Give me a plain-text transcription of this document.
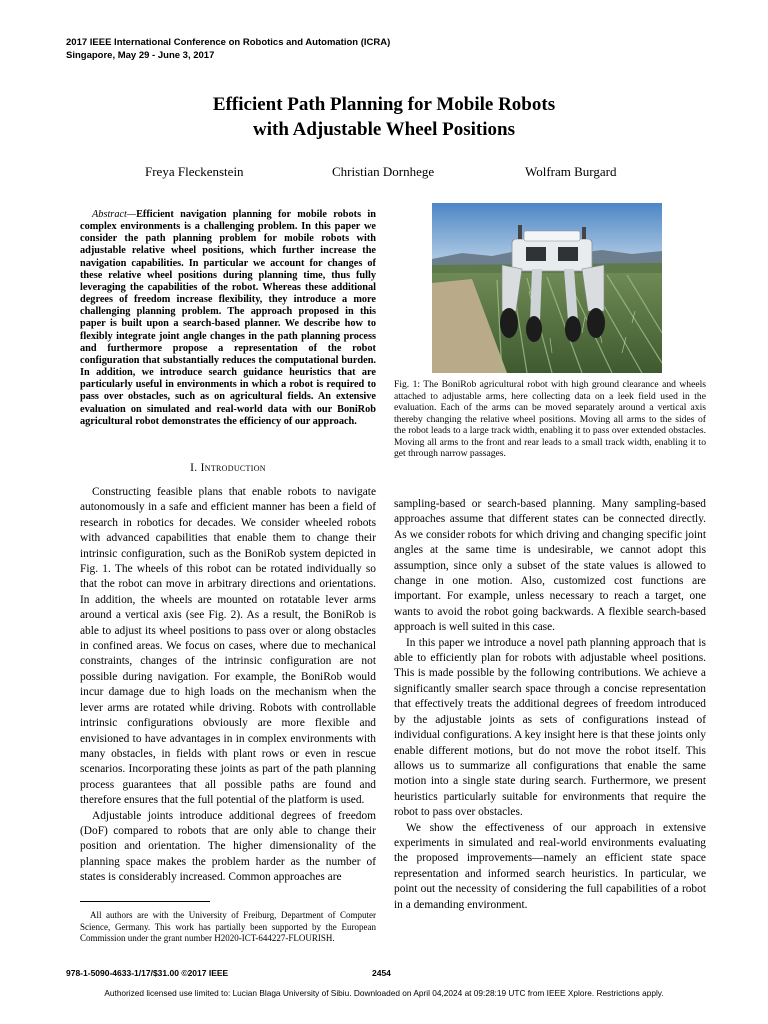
2017 IEEE International Conference on Robotics and Automation (ICRA)
Singapore, May 29 - June 3, 2017
Efficient Path Planning for Mobile Robots
with Adjustable Wheel Positions
Freya Fleckenstein	Christian Dornhege	Wolfram Burgard
Abstract—Efficient navigation planning for mobile robots in complex environments is a challenging problem. In this paper we consider the path planning problem for mobile robots with adjustable relative wheel positions, which further increase the navigation capabilities. In particular we account for changes of these relative wheel positions during planning time, thus fully leveraging the capabilities of the robot. Whereas these additional degrees of freedom increase flexibility, they introduce a more challenging planning problem. The approach proposed in this paper is built upon a search-based planner. We describe how to flexibly integrate joint angle changes in the path planning process and furthermore propose a representation of the robot configuration that substantially reduces the computational burden. In addition, we introduce search guidance heuristics that are particularly useful in environments in which a robot is required to pass over obstacles, such as on agricultural fields. An extensive evaluation on simulated and real-world data with our BoniRob agricultural robot demonstrates the efficiency of our approach.
I. Introduction

Constructing feasible plans that enable robots to navigate autonomously in a safe and efficient manner has been a field of research in robotics for decades. We consider wheeled robots with advanced capabilities that enable them to change their intrinsic configuration, such as the BoniRob system depicted in Fig. 1. The wheels of this robot can be rotated individually so that the robot can move in arbitrary directions and orientations. In addition, the wheels are mounted on rotatable lever arms around a vertical axis (see Fig. 2). As a result, the BoniRob is able to adjust its wheel positions to pass over or along obstacles in confined areas. We focus on cases, where due to mechanical constraints, changes of the intrinsic configuration are not possible during navigation. For example, the BoniRob would incur damage due to high loads on the mechanism when the lever arms are rotated while driving. Robots with controllable intrinsic configurations obviously are more flexible and envisioned to have advantages in in complex environments with many obstacles, in fields with plant rows or even in rescue scenarios. Incorporating these joints as part of the path planning process guarantees that all possible paths are found and therefore ensures that the full potential of the platform is used.

Adjustable joints introduce additional degrees of freedom (DoF) compared to robots that are only able to change their position and orientation. The higher dimensionality of the planning space makes the problem harder as the number of states is considerably increased. Common approaches are

All authors are with the University of Freiburg, Department of Computer Science, Germany. This work has partially been supported by the European Commission under the grant number H2020-ICT-644227-FLOURISH.
Fig. 1: The BoniRob agricultural robot with high ground clearance and wheels attached to adjustable arms, here collecting data on a leek field used in the evaluation. Each of the arms can be moved separately around a vertical axis thereby changing the relative wheel positions. Moving all arms to the sides of the robot leads to a large track width, enabling it to pass over extended obstacles. Moving all arms to the front and rear leads to a small track width, enabling it to get through narrow passages.

sampling-based or search-based planning. Many sampling-based approaches assume that different states can be connected directly. As we consider robots for which driving and changing specific joint angles at the same time is undesirable, we cannot adopt this assumption, since only a subset of the state values is allowed to change in one motion. Also, customized cost functions are important. For example, unless necessary to reach a target, one wants to avoid the robot going backwards. A flexible search-based approach is well suited in this case.

In this paper we introduce a novel path planning approach that is able to efficiently plan for robots with adjustable wheel positions. This is made possible by the following contributions. We achieve a significantly smaller search space through a concise representation that effectively treats the additional degrees of freedom introduced by the adjustable joints as sets of configurations instead of individual configurations. A key insight here is that these joints only enable different motions, but do not move the robot itself. This allows us to summarize all configurations that enable the same motion into a single state during search. Furthermore, we present heuristics particularly suitable for environments that require the robot to pass over obstacles.

We show the effectiveness of our approach in extensive experiments in simulated and real-world environments evaluating the proposed improvements—namely an efficient state space representation and informed search heuristics. In particular, we point out the necessity of considering the full capabilities of a robot in a demanding environment.

978-1-5090-4633-1/17/$31.00 ©2017 IEEE	2454
Authorized licensed use limited to: Lucian Blaga University of Sibiu. Downloaded on April 04,2024 at 09:28:19 UTC from IEEE Xplore. Restrictions apply.
